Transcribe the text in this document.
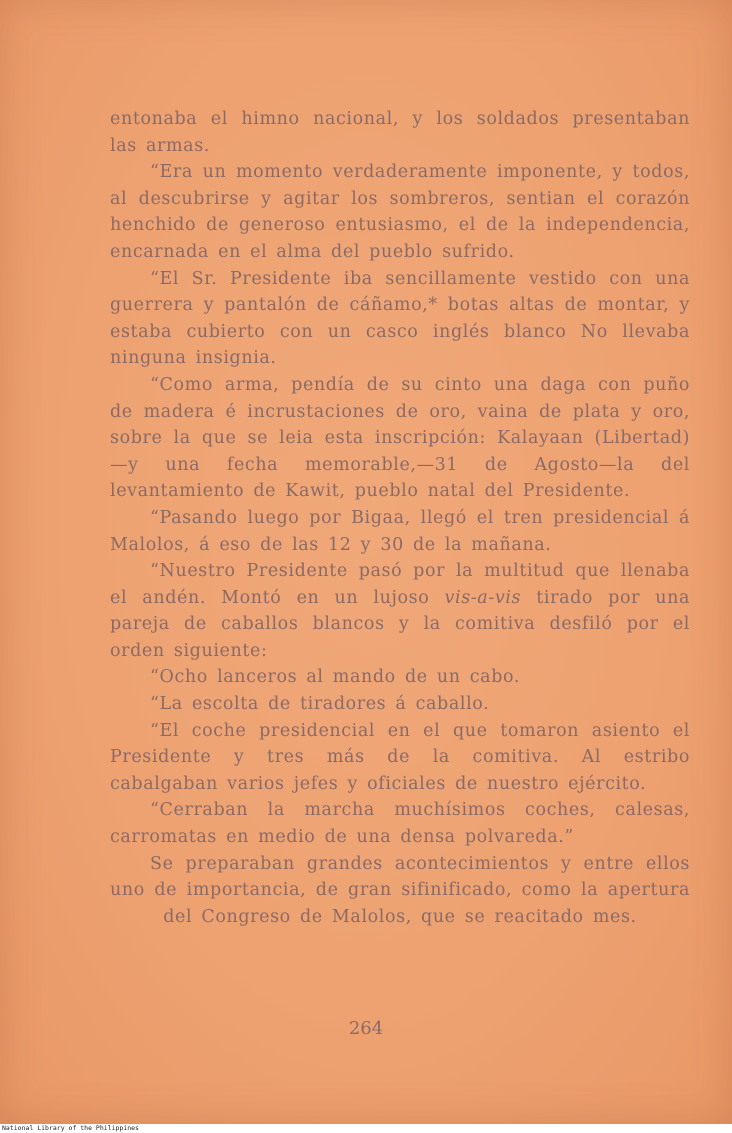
entonaba el himno nacional, y los soldados presentaban las armas.

“Era un momento verdaderamente imponente, y todos, al descubrirse y agitar los sombreros, sentian el corazón henchido de generoso entusiasmo, el de la independencia, encarnada en el alma del pueblo sufrido.

“El Sr. Presidente iba sencillamente vestido con una guerrera y pantalón de cáñamo,* botas altas de montar, y estaba cubierto con un casco inglés blanco No llevaba ninguna insignia.

“Como arma, pendía de su cinto una daga con puño de madera é incrustaciones de oro, vaina de plata y oro, sobre la que se leia esta inscripción: Kalayaan (Libertad)—y una fecha memorable,—31 de Agosto—la del levantamiento de Kawit, pueblo natal del Presidente.

“Pasando luego por Bigaa, llegó el tren presidencial á Malolos, á eso de las 12 y 30 de la mañana.

“Nuestro Presidente pasó por la multitud que llenaba el andén. Montó en un lujoso vis-a-vis tirado por una pareja de caballos blancos y la comitiva desfiló por el orden siguiente:

“Ocho lanceros al mando de un cabo.

“La escolta de tiradores á caballo.

“El coche presidencial en el que tomaron asiento el Presidente y tres más de la comitiva. Al estribo cabalgaban varios jefes y oficiales de nuestro ejército.

“Cerraban la marcha muchísimos coches, calesas, carromatas en medio de una densa polvareda.”

Se preparaban grandes acontecimientos y entre ellos uno de importancia, de gran sifinificado, como la apertura del Congreso de Malolos, que se reacitado mes.

264
National Library of the Philippines
